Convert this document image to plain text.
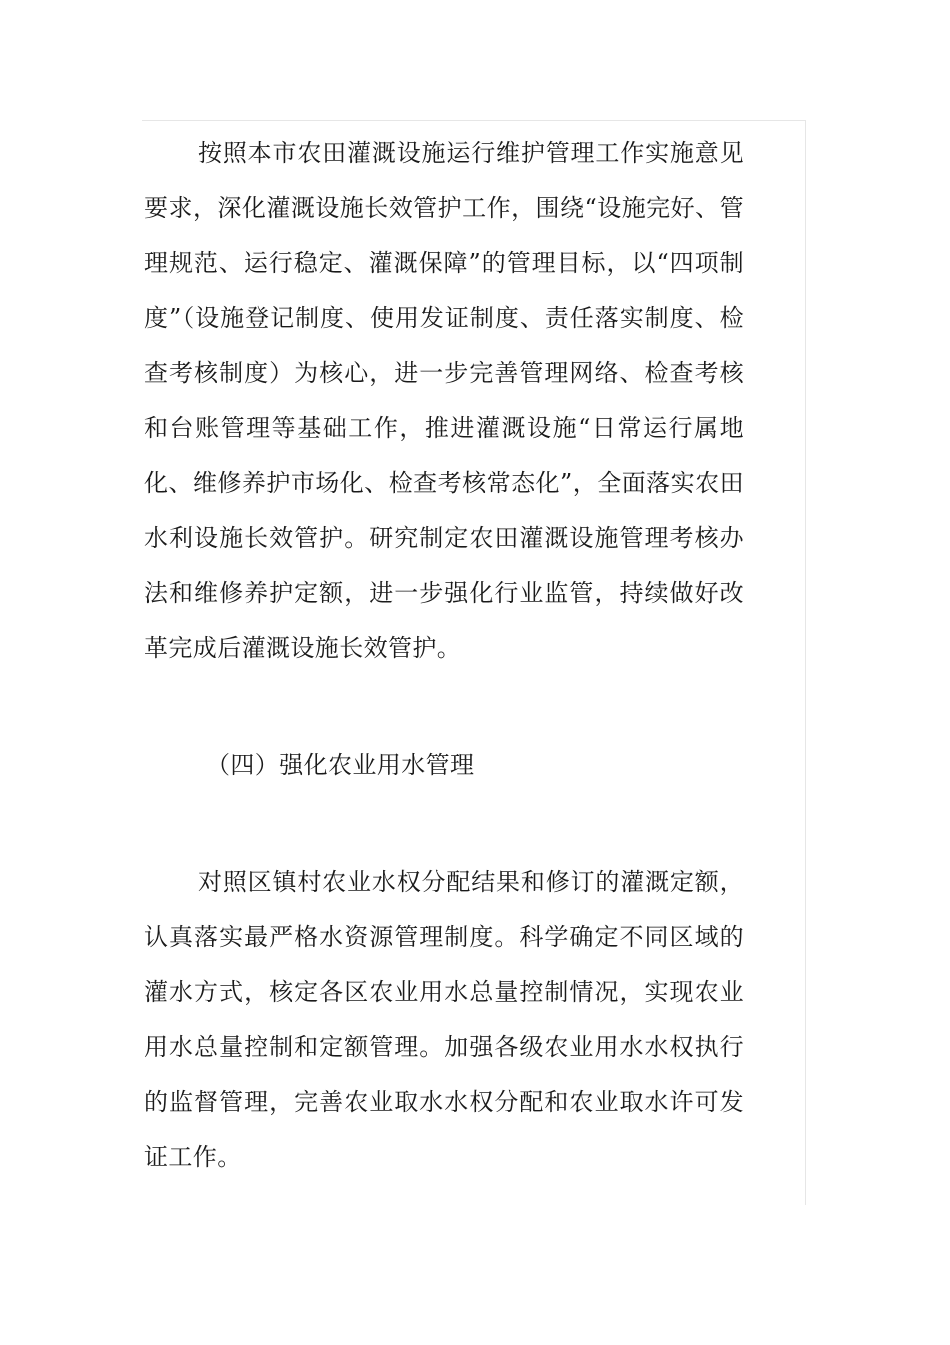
按照本市农田灌溉设施运行维护管理工作实施意见要求，深化灌溉设施长效管护工作，围绕“设施完好、管理规范、运行稳定、灌溉保障”的管理目标，以“四项制度”（设施登记制度、使用发证制度、责任落实制度、检查考核制度）为核心，进一步完善管理网络、检查考核和台账管理等基础工作，推进灌溉设施“日常运行属地化、维修养护市场化、检查考核常态化”，全面落实农田水利设施长效管护。研究制定农田灌溉设施管理考核办法和维修养护定额，进一步强化行业监管，持续做好改革完成后灌溉设施长效管护。

（四）强化农业用水管理

对照区镇村农业水权分配结果和修订的灌溉定额，认真落实最严格水资源管理制度。科学确定不同区域的灌水方式，核定各区农业用水总量控制情况，实现农业用水总量控制和定额管理。加强各级农业用水水权执行的监督管理，完善农业取水水权分配和农业取水许可发证工作。
